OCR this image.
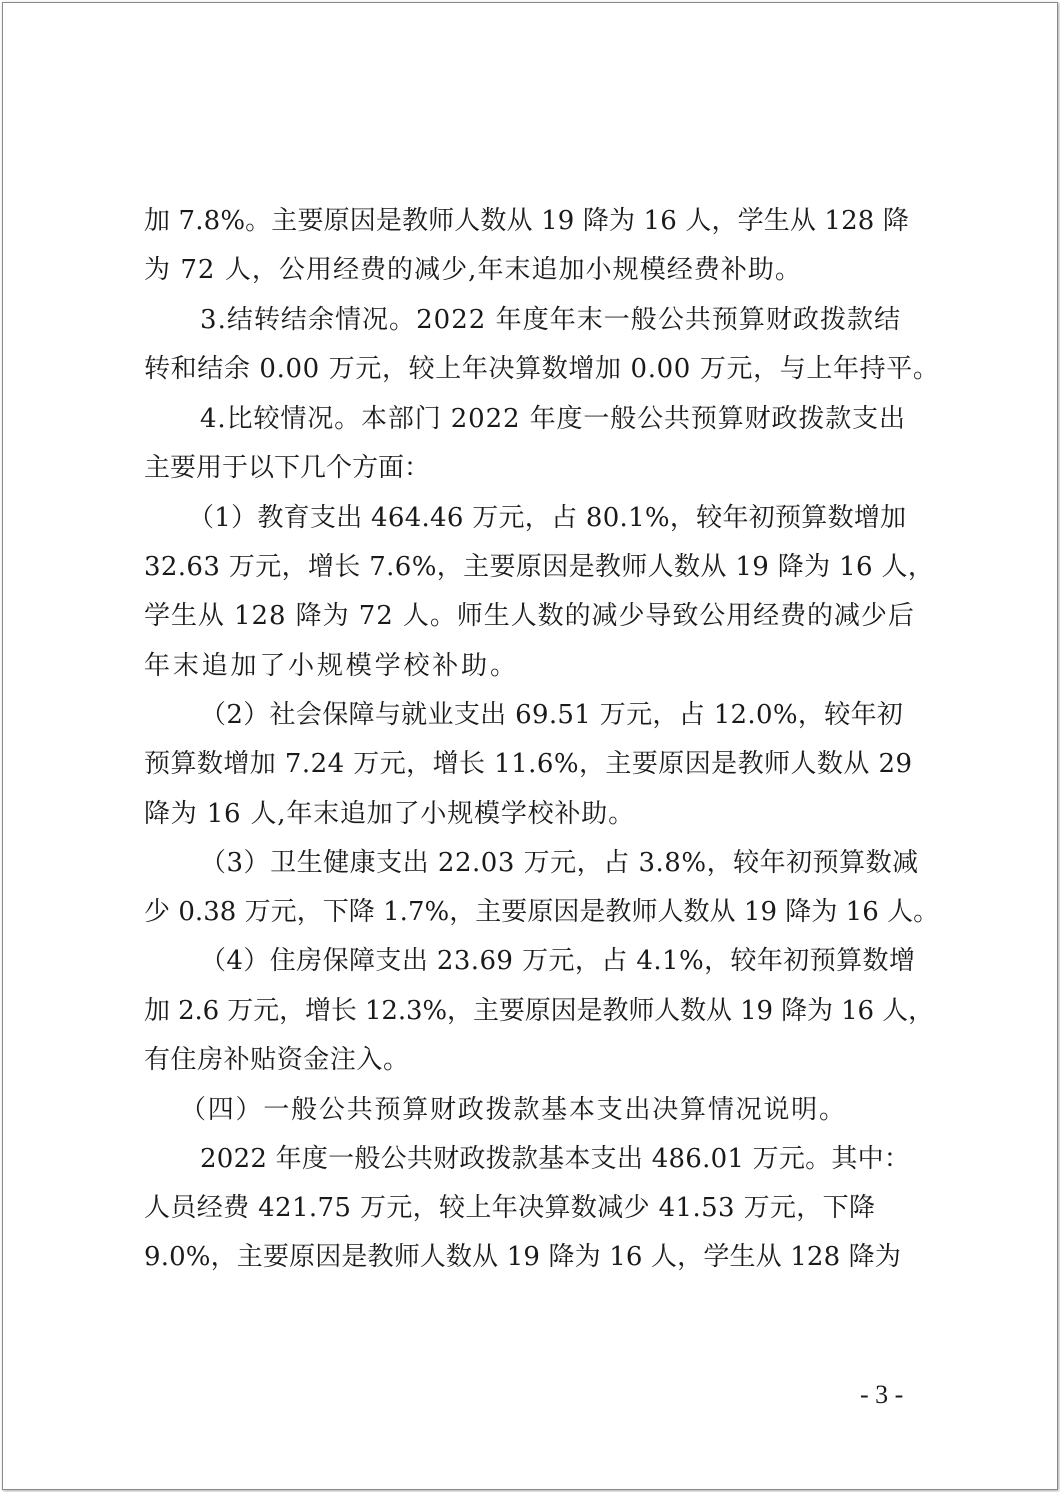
加 7.8%。主要原因是教师人数从 19 降为 16 人，学生从 128 降
为 72 人，公用经费的减少,年末追加小规模经费补助。
3.结转结余情况。2022 年度年末一般公共预算财政拨款结
转和结余 0.00 万元，较上年决算数增加 0.00 万元，与上年持平。
4.比较情况。本部门 2022 年度一般公共预算财政拨款支出
主要用于以下几个方面：
（1）教育支出 464.46 万元，占 80.1%，较年初预算数增加
32.63 万元，增长 7.6%，主要原因是教师人数从 19 降为 16 人，
学生从 128 降为 72 人。师生人数的减少导致公用经费的减少后
年末追加了小规模学校补助。
（2）社会保障与就业支出 69.51 万元，占 12.0%，较年初
预算数增加 7.24 万元，增长 11.6%，主要原因是教师人数从 29
降为 16 人,年末追加了小规模学校补助。
（3）卫生健康支出 22.03 万元，占 3.8%，较年初预算数减
少 0.38 万元，下降 1.7%，主要原因是教师人数从 19 降为 16 人。
（4）住房保障支出 23.69 万元，占 4.1%，较年初预算数增
加 2.6 万元，增长 12.3%，主要原因是教师人数从 19 降为 16 人，
有住房补贴资金注入。
（四）一般公共预算财政拨款基本支出决算情况说明。
2022 年度一般公共财政拨款基本支出 486.01 万元。其中：
人员经费 421.75 万元，较上年决算数减少 41.53 万元，下降
9.0%，主要原因是教师人数从 19 降为 16 人，学生从 128 降为
- 3 -
